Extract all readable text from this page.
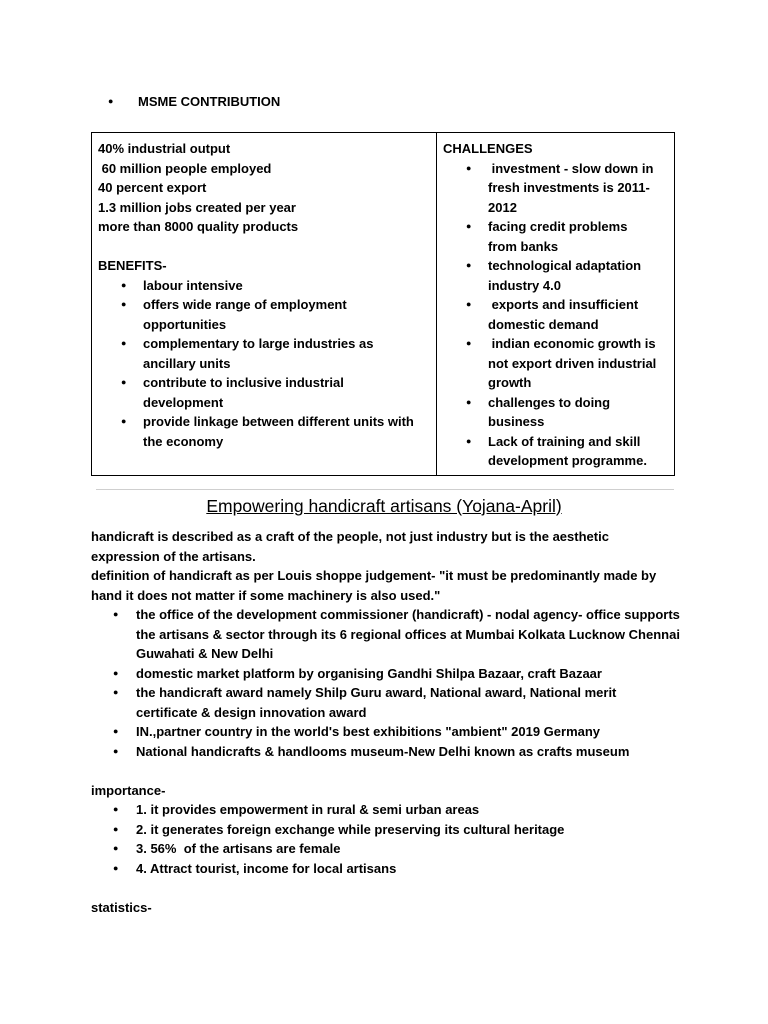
● MSME CONTRIBUTION
40% industrial output
60 million people employed
40 percent export
1.3 million jobs created per year
more than 8000 quality products
BENEFITS-
● labour intensive
● offers wide range of employment opportunities
● complementary to large industries as ancillary units
● contribute to inclusive industrial development
● provide linkage between different units with the economy
CHALLENGES
●  investment - slow down in fresh investments is 2011-2012
● facing credit problems from banks
● technological adaptation industry 4.0
●  exports and insufficient domestic demand
●  indian economic growth is not export driven industrial growth
● challenges to doing business
● Lack of training and skill development programme.
Empowering handicraft artisans (Yojana-April)

handicraft is described as a craft of the people, not just industry but is the aesthetic expression of the artisans.

definition of handicraft as per Louis shoppe judgement- "it must be predominantly made by hand it does not matter if some machinery is also used."

● the office of the development commissioner (handicraft) - nodal agency- office supports the artisans & sector through its 6 regional offices at Mumbai Kolkata Lucknow Chennai Guwahati & New Delhi
● domestic market platform by organising Gandhi Shilpa Bazaar, craft Bazaar
● the handicraft award namely Shilp Guru award, National award, National merit certificate & design innovation award
● IN.,partner country in the world's best exhibitions "ambient" 2019 Germany
● National handicrafts & handlooms museum-New Delhi known as crafts museum

importance-

● 1. it provides empowerment in rural & semi urban areas
● 2. it generates foreign exchange while preserving its cultural heritage
● 3. 56%  of the artisans are female
● 4. Attract tourist, income for local artisans

statistics-
